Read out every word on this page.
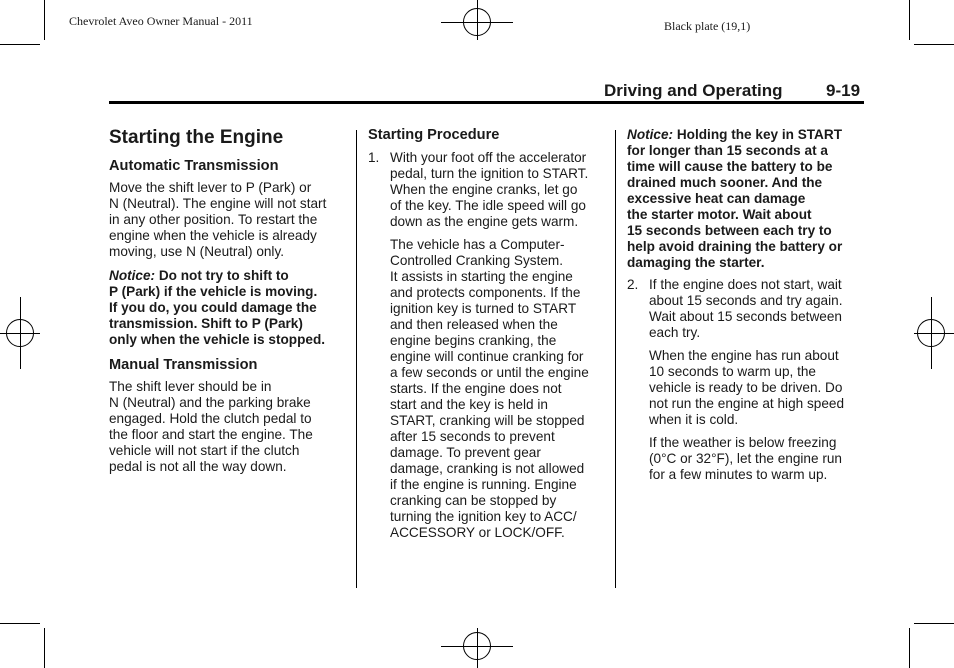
Chevrolet Aveo Owner Manual - 2011	Black plate (19,1)
Driving and Operating	9-19

Starting the Engine

Automatic Transmission

Move the shift lever to P (Park) or
N (Neutral). The engine will not start
in any other position. To restart the
engine when the vehicle is already
moving, use N (Neutral) only.
Notice: Do not try to shift to
P (Park) if the vehicle is moving.
If you do, you could damage the
transmission. Shift to P (Park)
only when the vehicle is stopped.

Manual Transmission

The shift lever should be in
N (Neutral) and the parking brake
engaged. Hold the clutch pedal to
the floor and start the engine. The
vehicle will not start if the clutch
pedal is not all the way down.

Starting Procedure

1. With your foot off the accelerator
pedal, turn the ignition to START.
When the engine cranks, let go
of the key. The idle speed will go
down as the engine gets warm.
The vehicle has a Computer-
Controlled Cranking System.
It assists in starting the engine
and protects components. If the
ignition key is turned to START
and then released when the
engine begins cranking, the
engine will continue cranking for
a few seconds or until the engine
starts. If the engine does not
start and the key is held in
START, cranking will be stopped
after 15 seconds to prevent
damage. To prevent gear
damage, cranking is not allowed
if the engine is running. Engine
cranking can be stopped by
turning the ignition key to ACC/
ACCESSORY or LOCK/OFF.
Notice: Holding the key in START
for longer than 15 seconds at a
time will cause the battery to be
drained much sooner. And the
excessive heat can damage
the starter motor. Wait about
15 seconds between each try to
help avoid draining the battery or
damaging the starter.
2. If the engine does not start, wait
about 15 seconds and try again.
Wait about 15 seconds between
each try.
When the engine has run about
10 seconds to warm up, the
vehicle is ready to be driven. Do
not run the engine at high speed
when it is cold.
If the weather is below freezing
(0°C or 32°F), let the engine run
for a few minutes to warm up.
